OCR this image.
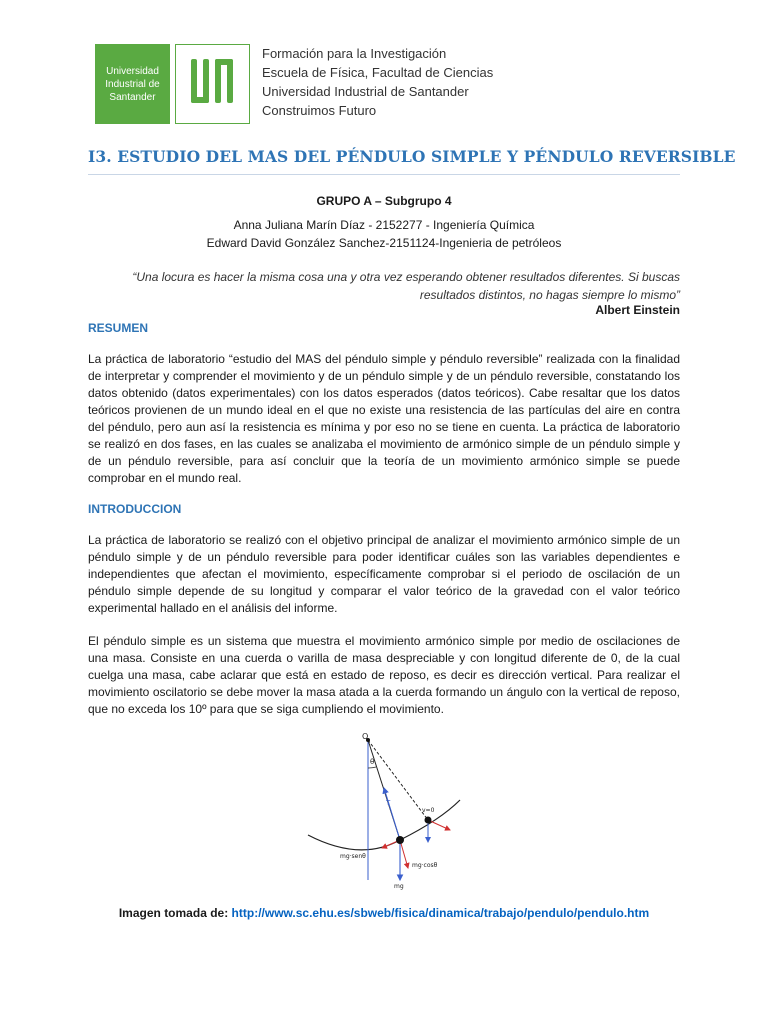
Universidad Industrial de Santander
Formación para la Investigación
Escuela de Física, Facultad de Ciencias
Universidad Industrial de Santander
Construimos Futuro
I3. ESTUDIO DEL MAS DEL PÉNDULO SIMPLE Y PÉNDULO REVERSIBLE
GRUPO A – Subgrupo 4
Anna Juliana Marín Díaz - 2152277 - Ingeniería Química
Edward David González Sanchez-2151124-Ingenieria de petróleos
“Una locura es hacer la misma cosa una y otra vez esperando obtener resultados diferentes. Si buscas resultados distintos, no hagas siempre lo mismo”
Albert Einstein
RESUMEN
La práctica de laboratorio “estudio del MAS del péndulo simple y péndulo reversible” realizada con la finalidad de interpretar y comprender el movimiento y de un péndulo simple y de un péndulo reversible, constatando los datos obtenido (datos experimentales) con los datos esperados (datos teóricos). Cabe resaltar que los datos teóricos provienen de un mundo ideal en el que no existe una resistencia de las partículas del aire en contra del péndulo, pero aun así la resistencia es mínima y por eso no se tiene en cuenta. La práctica de laboratorio se realizó en dos fases, en las cuales se analizaba el movimiento de armónico simple de un péndulo simple y de un péndulo reversible, para así concluir que la teoría de un movimiento armónico simple se puede comprobar en el mundo real.
INTRODUCCION
La práctica de laboratorio se realizó con el objetivo principal de analizar el movimiento armónico simple de un péndulo simple y de un péndulo reversible para poder identificar cuáles son las variables dependientes e independientes que afectan el movimiento, específicamente comprobar si el periodo de oscilación de un péndulo simple depende de su longitud y comparar el valor teórico de la gravedad con el valor teórico experimental hallado en el análisis del informe.
El péndulo simple es un sistema que muestra el movimiento armónico simple por medio de oscilaciones de una masa. Consiste en una cuerda o varilla de masa despreciable y con longitud diferente de 0, de la cual cuelga una masa, cabe aclarar que está en estado de reposo, es decir es dirección vertical. Para realizar el movimiento oscilatorio se debe mover la masa atada a la cuerda formando un ángulo con la vertical de reposo, que no exceda los 10º para que se siga cumpliendo el movimiento.
O
θ
T
v=0
mg·senθ
mg·cosθ
mg
Imagen tomada de: http://www.sc.ehu.es/sbweb/fisica/dinamica/trabajo/pendulo/pendulo.htm
